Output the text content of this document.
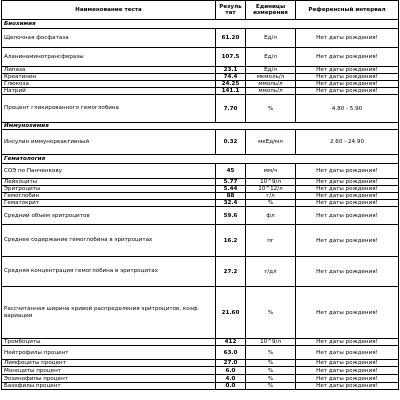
Наименование теста	Резуль тат	Единицы измерения	Референсный интервал
Биохимия			
Щелочная фосфатаза	61.20	Ед/л	Нет даты рождения!
Аланинаминотрансферазы	107.5	Ед/л	Нет даты рождения!
Липаза	23.1	Ед/л	Нет даты рождения!
Креатинин	74.4	мкмоль/л	Нет даты рождения!
Глюкоза	24.25	ммоль/л	Нет даты рождения!
Натрий	141.1	ммоль/л	Нет даты рождения!
Процент гликированного гемоглобина	7.70	%	4.80 - 5.90
Иммунохимия			
Инсулин иммунореактивный	0.32	мкЕд/мл	2.60 - 24.90
Гематология			
СОЭ по Панченкову	45	мм/ч	Нет даты рождения!
Лейкоциты	5.77	10^9/л	Нет даты рождения!
Эритроциты	5.44	10^12/л	Нет даты рождения!
Гемоглобин	88	г/л	Нет даты рождения!
Гематокрит	32.4	%	Нет даты рождения!
Средний объем эритроцитов	59.6	фл	Нет даты рождения!
Среднее содержание гемоглобина в эритроцитах	16.2	пг	Нет даты рождения!
Средняя концентрация гемоглобина в эритроцитах	27.2	г/дл	Нет даты рождения!
Рассчитанная ширина кривой распределения эритроцитов, коэф. вариации	21.60	%	Нет даты рождения!
Тромбоциты	412	10^9/л	Нет даты рождения!
Нейтрофилы процент	63.0	%	Нет даты рождения!
Лимфоциты процент	27.0	%	Нет даты рождения!
Моноциты процент	6.0	%	Нет даты рождения!
Эозинофилы процент	4.0	%	Нет даты рождения!
Базофилы процент	0.0	%	Нет даты рождения!
